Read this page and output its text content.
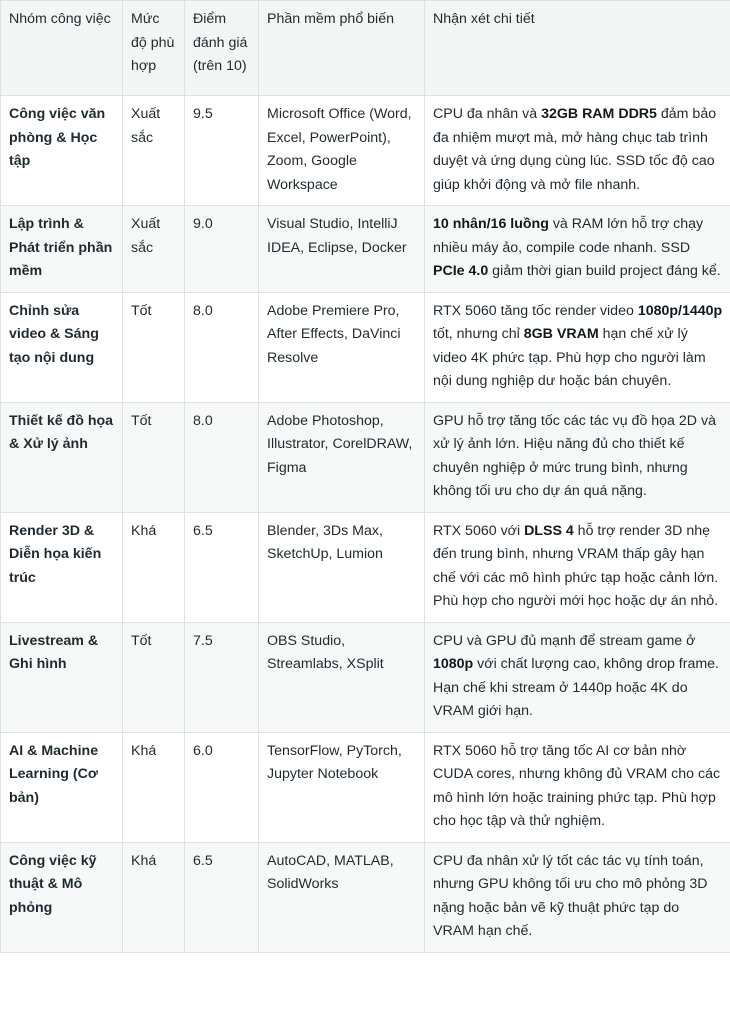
Nhóm công việc	Mức độ phù hợp	Điểm đánh giá (trên 10)	Phần mềm phổ biến	Nhận xét chi tiết
Công việc văn phòng & Học tập	Xuất sắc	9.5	Microsoft Office (Word, Excel, PowerPoint), Zoom, Google Workspace	CPU đa nhân và 32GB RAM DDR5 đảm bảo đa nhiệm mượt mà, mở hàng chục tab trình duyệt và ứng dụng cùng lúc. SSD tốc độ cao giúp khởi động và mở file nhanh.
Lập trình & Phát triển phần mềm	Xuất sắc	9.0	Visual Studio, IntelliJ IDEA, Eclipse, Docker	10 nhân/16 luồng và RAM lớn hỗ trợ chạy nhiều máy ảo, compile code nhanh. SSD PCIe 4.0 giảm thời gian build project đáng kể.
Chỉnh sửa video & Sáng tạo nội dung	Tốt	8.0	Adobe Premiere Pro, After Effects, DaVinci Resolve	RTX 5060 tăng tốc render video 1080p/1440p tốt, nhưng chỉ 8GB VRAM hạn chế xử lý video 4K phức tạp. Phù hợp cho người làm nội dung nghiệp dư hoặc bán chuyên.
Thiết kế đồ họa & Xử lý ảnh	Tốt	8.0	Adobe Photoshop, Illustrator, CorelDRAW, Figma	GPU hỗ trợ tăng tốc các tác vụ đồ họa 2D và xử lý ảnh lớn. Hiệu năng đủ cho thiết kế chuyên nghiệp ở mức trung bình, nhưng không tối ưu cho dự án quá nặng.
Render 3D & Diễn họa kiến trúc	Khá	6.5	Blender, 3Ds Max, SketchUp, Lumion	RTX 5060 với DLSS 4 hỗ trợ render 3D nhẹ đến trung bình, nhưng VRAM thấp gây hạn chế với các mô hình phức tạp hoặc cảnh lớn. Phù hợp cho người mới học hoặc dự án nhỏ.
Livestream & Ghi hình	Tốt	7.5	OBS Studio, Streamlabs, XSplit	CPU và GPU đủ mạnh để stream game ở 1080p với chất lượng cao, không drop frame. Hạn chế khi stream ở 1440p hoặc 4K do VRAM giới hạn.
AI & Machine Learning (Cơ bản)	Khá	6.0	TensorFlow, PyTorch, Jupyter Notebook	RTX 5060 hỗ trợ tăng tốc AI cơ bản nhờ CUDA cores, nhưng không đủ VRAM cho các mô hình lớn hoặc training phức tạp. Phù hợp cho học tập và thử nghiệm.
Công việc kỹ thuật & Mô phỏng	Khá	6.5	AutoCAD, MATLAB, SolidWorks	CPU đa nhân xử lý tốt các tác vụ tính toán, nhưng GPU không tối ưu cho mô phỏng 3D nặng hoặc bản vẽ kỹ thuật phức tạp do VRAM hạn chế.
